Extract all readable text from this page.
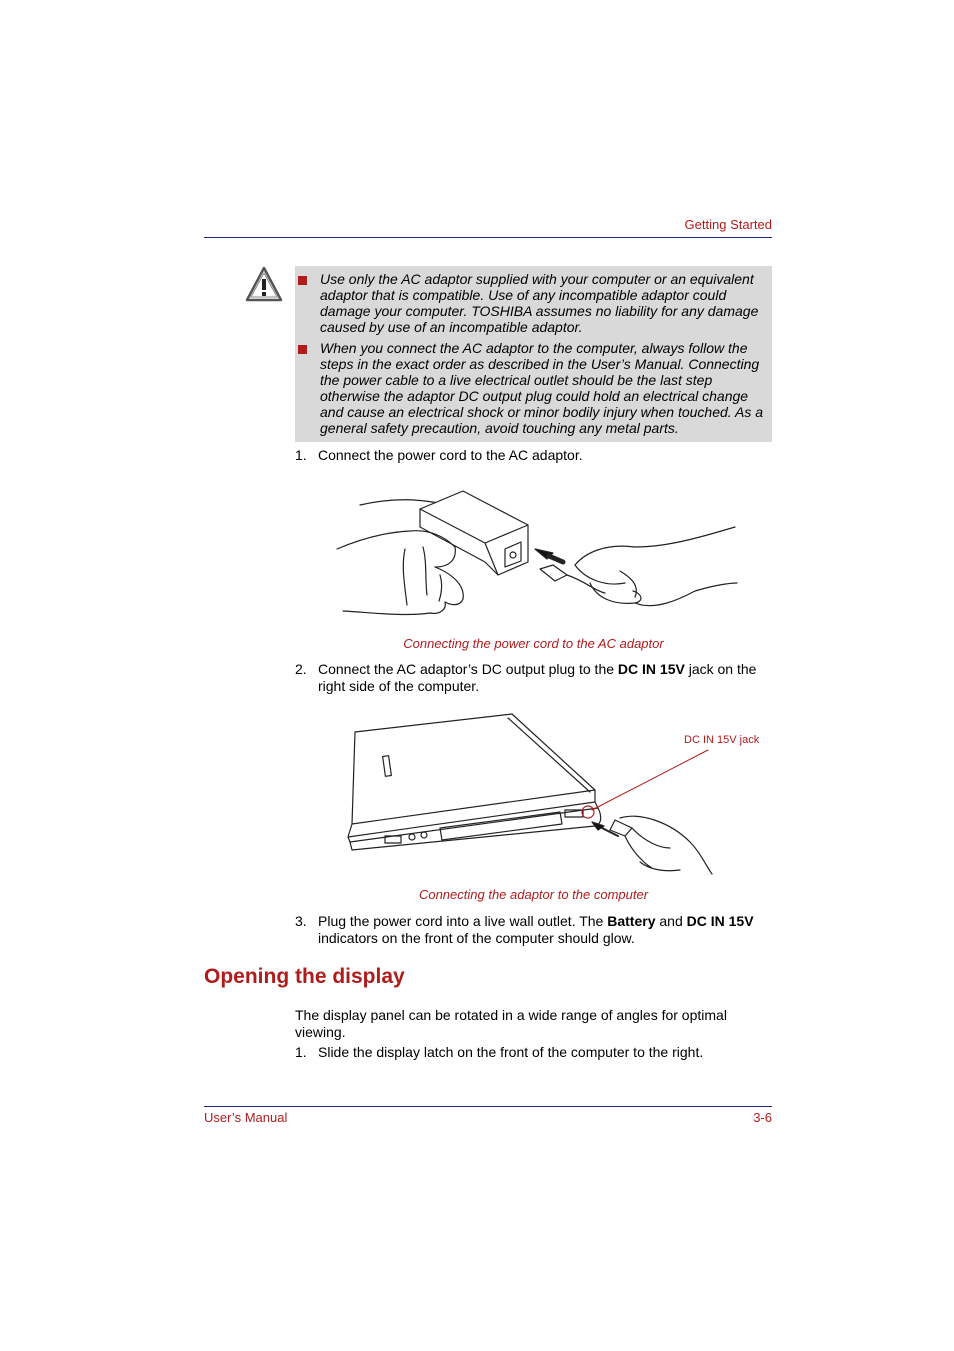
Getting Started
Use only the AC adaptor supplied with your computer or an equivalent adaptor that is compatible. Use of any incompatible adaptor could damage your computer. TOSHIBA assumes no liability for any damage caused by use of an incompatible adaptor.
When you connect the AC adaptor to the computer, always follow the steps in the exact order as described in the User’s Manual. Connecting the power cable to a live electrical outlet should be the last step otherwise the adaptor DC output plug could hold an electrical change and cause an electrical shock or minor bodily injury when touched. As a general safety precaution, avoid touching any metal parts.
1. Connect the power cord to the AC adaptor.
Connecting the power cord to the AC adaptor
2. Connect the AC adaptor’s DC output plug to the DC IN 15V jack on the right side of the computer.
DC IN 15V jack
Connecting the adaptor to the computer
3. Plug the power cord into a live wall outlet. The Battery and DC IN 15V indicators on the front of the computer should glow.
Opening the display
The display panel can be rotated in a wide range of angles for optimal viewing.
1. Slide the display latch on the front of the computer to the right.
User’s Manual	3-6
